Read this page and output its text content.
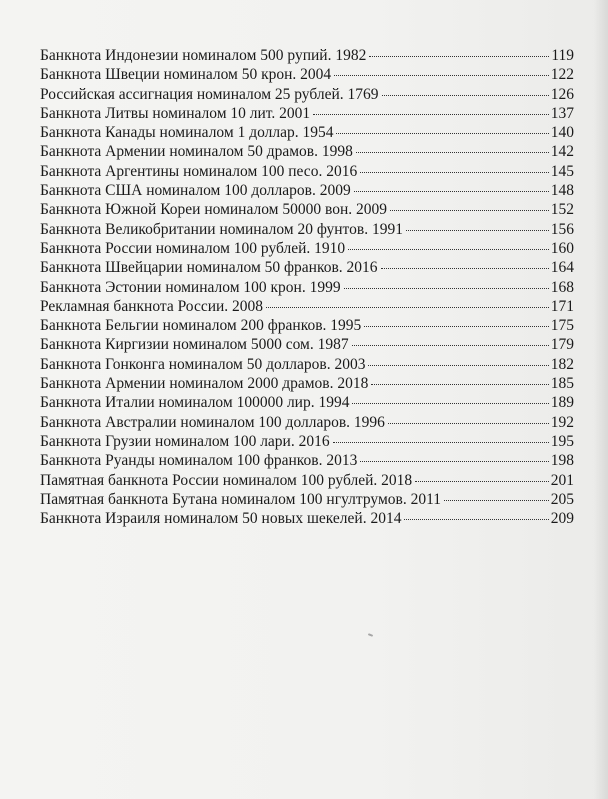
Банкнота Индонезии номиналом 500 рупий. 1982	119
Банкнота Швеции номиналом 50 крон. 2004	122
Российская ассигнация номиналом 25 рублей. 1769	126
Банкнота Литвы номиналом 10 лит. 2001	137
Банкнота Канады номиналом 1 доллар. 1954	140
Банкнота Армении номиналом 50 драмов. 1998	142
Банкнота Аргентины номиналом 100 песо. 2016	145
Банкнота США номиналом 100 долларов. 2009	148
Банкнота Южной Кореи номиналом 50000 вон. 2009	152
Банкнота Великобритании номиналом 20 фунтов. 1991	156
Банкнота России номиналом 100 рублей. 1910	160
Банкнота Швейцарии номиналом 50 франков. 2016	164
Банкнота Эстонии номиналом 100 крон. 1999	168
Рекламная банкнота России. 2008	171
Банкнота Бельгии номиналом 200 франков. 1995	175
Банкнота Киргизии номиналом 5000 сом. 1987	179
Банкнота Гонконга номиналом 50 долларов. 2003	182
Банкнота Армении номиналом 2000 драмов. 2018	185
Банкнота Италии номиналом 100000 лир. 1994	189
Банкнота Австралии номиналом 100 долларов. 1996	192
Банкнота Грузии номиналом 100 лари. 2016	195
Банкнота Руанды номиналом 100 франков. 2013	198
Памятная банкнота России номиналом 100 рублей. 2018	201
Памятная банкнота Бутана номиналом 100 нгултрумов. 2011	205
Банкнота Израиля номиналом 50 новых шекелей. 2014	209
